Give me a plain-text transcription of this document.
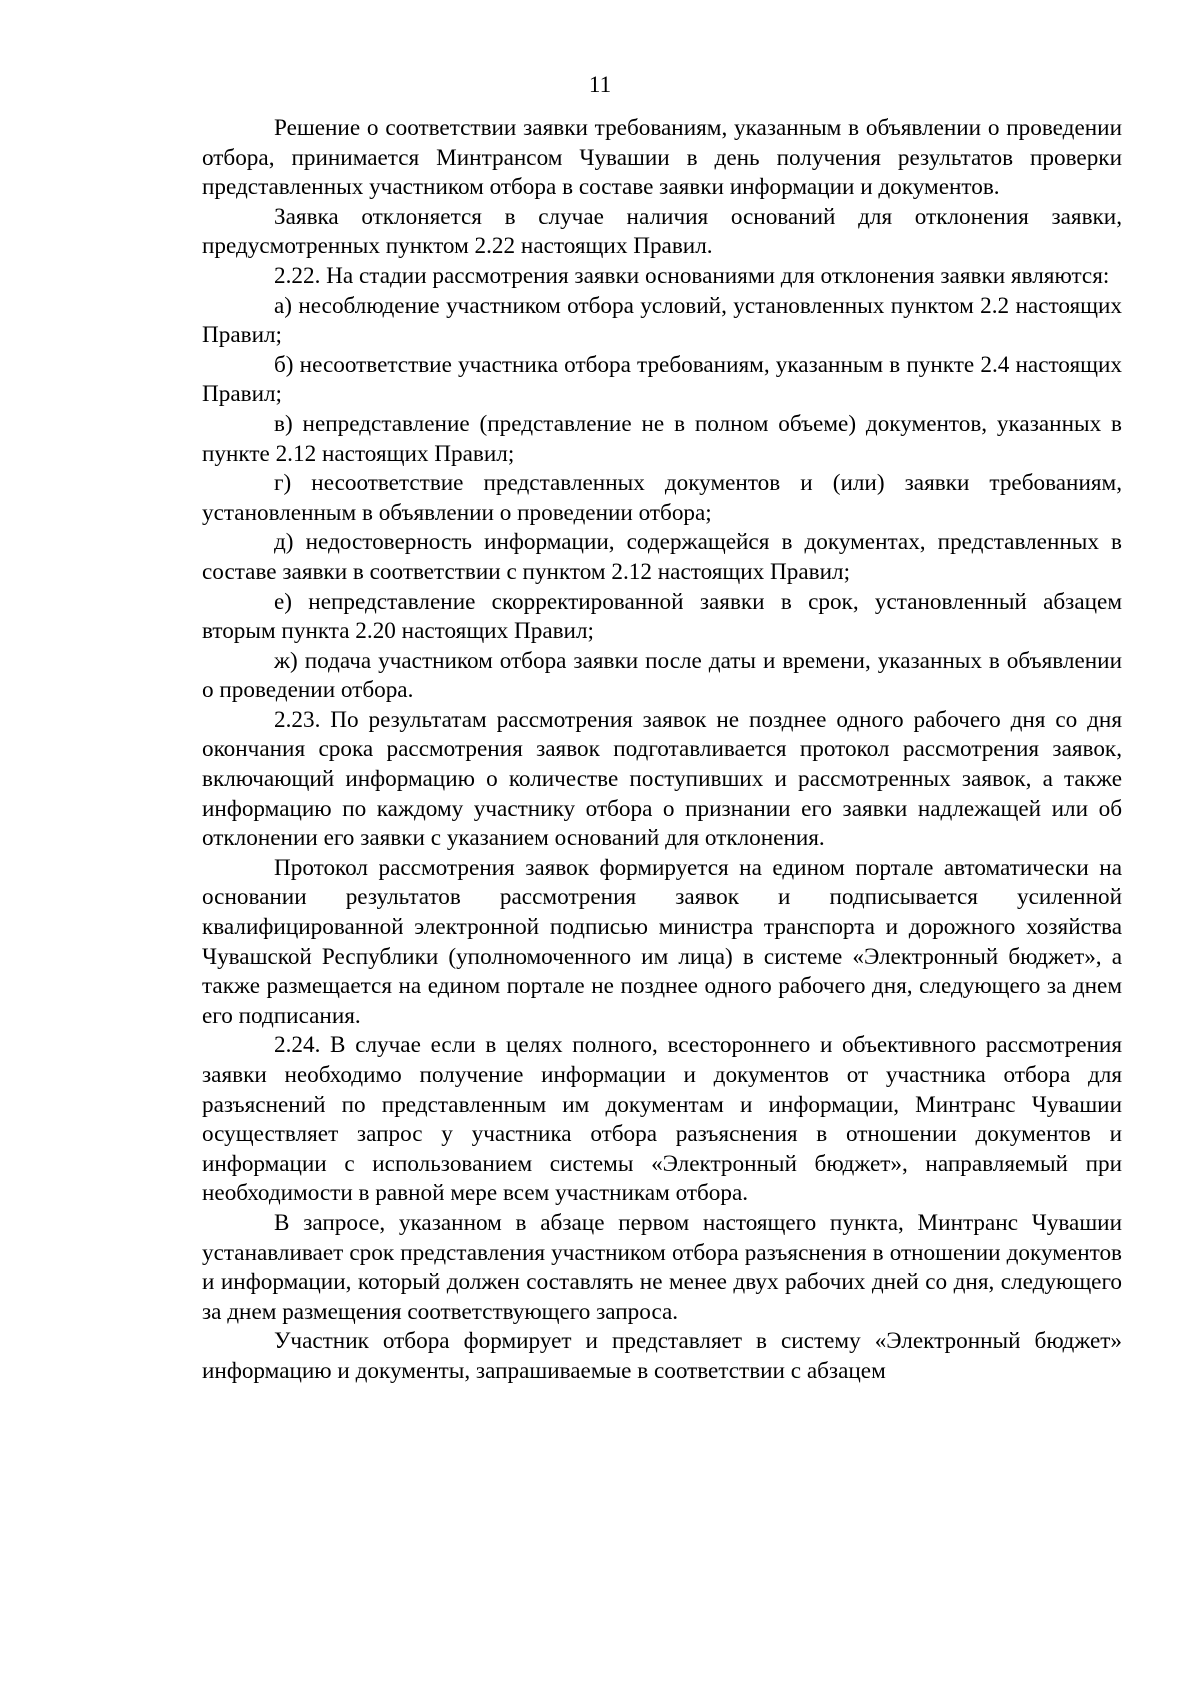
11

Решение о соответствии заявки требованиям, указанным в объявлении о проведении отбора, принимается Минтрансом Чувашии в день получения результатов проверки представленных участником отбора в составе заявки информации и документов.

Заявка отклоняется в случае наличия оснований для отклонения заявки, предусмотренных пунктом 2.22 настоящих Правил.

2.22. На стадии рассмотрения заявки основаниями для отклонения заявки являются:

а) несоблюдение участником отбора условий, установленных пунктом 2.2 настоящих Правил;

б) несоответствие участника отбора требованиям, указанным в пункте 2.4 настоящих Правил;

в) непредставление (представление не в полном объеме) документов, указанных в пункте 2.12 настоящих Правил;

г) несоответствие представленных документов и (или) заявки требованиям, установленным в объявлении о проведении отбора;

д) недостоверность информации, содержащейся в документах, представленных в составе заявки в соответствии с пунктом 2.12 настоящих Правил;

е) непредставление скорректированной заявки в срок, установленный абзацем вторым пункта 2.20 настоящих Правил;

ж) подача участником отбора заявки после даты и времени, указанных в объявлении о проведении отбора.

2.23. По результатам рассмотрения заявок не позднее одного рабочего дня со дня окончания срока рассмотрения заявок подготавливается протокол рассмотрения заявок, включающий информацию о количестве поступивших и рассмотренных заявок, а также информацию по каждому участнику отбора о признании его заявки надлежащей или об отклонении его заявки с указанием оснований для отклонения.

Протокол рассмотрения заявок формируется на едином портале автоматически на основании результатов рассмотрения заявок и подписывается усиленной квалифицированной электронной подписью министра транспорта и дорожного хозяйства Чувашской Республики (уполномоченного им лица) в системе «Электронный бюджет», а также размещается на едином портале не позднее одного рабочего дня, следующего за днем его подписания.

2.24. В случае если в целях полного, всестороннего и объективного рассмотрения заявки необходимо получение информации и документов от участника отбора для разъяснений по представленным им документам и информации, Минтранс Чувашии осуществляет запрос у участника отбора разъяснения в отношении документов и информации с использованием системы «Электронный бюджет», направляемый при необходимости в равной мере всем участникам отбора.

В запросе, указанном в абзаце первом настоящего пункта, Минтранс Чувашии устанавливает срок представления участником отбора разъяснения в отношении документов и информации, который должен составлять не менее двух рабочих дней со дня, следующего за днем размещения соответствующего запроса.

Участник отбора формирует и представляет в систему «Электронный бюджет» информацию и документы, запрашиваемые в соответствии с абзацем
